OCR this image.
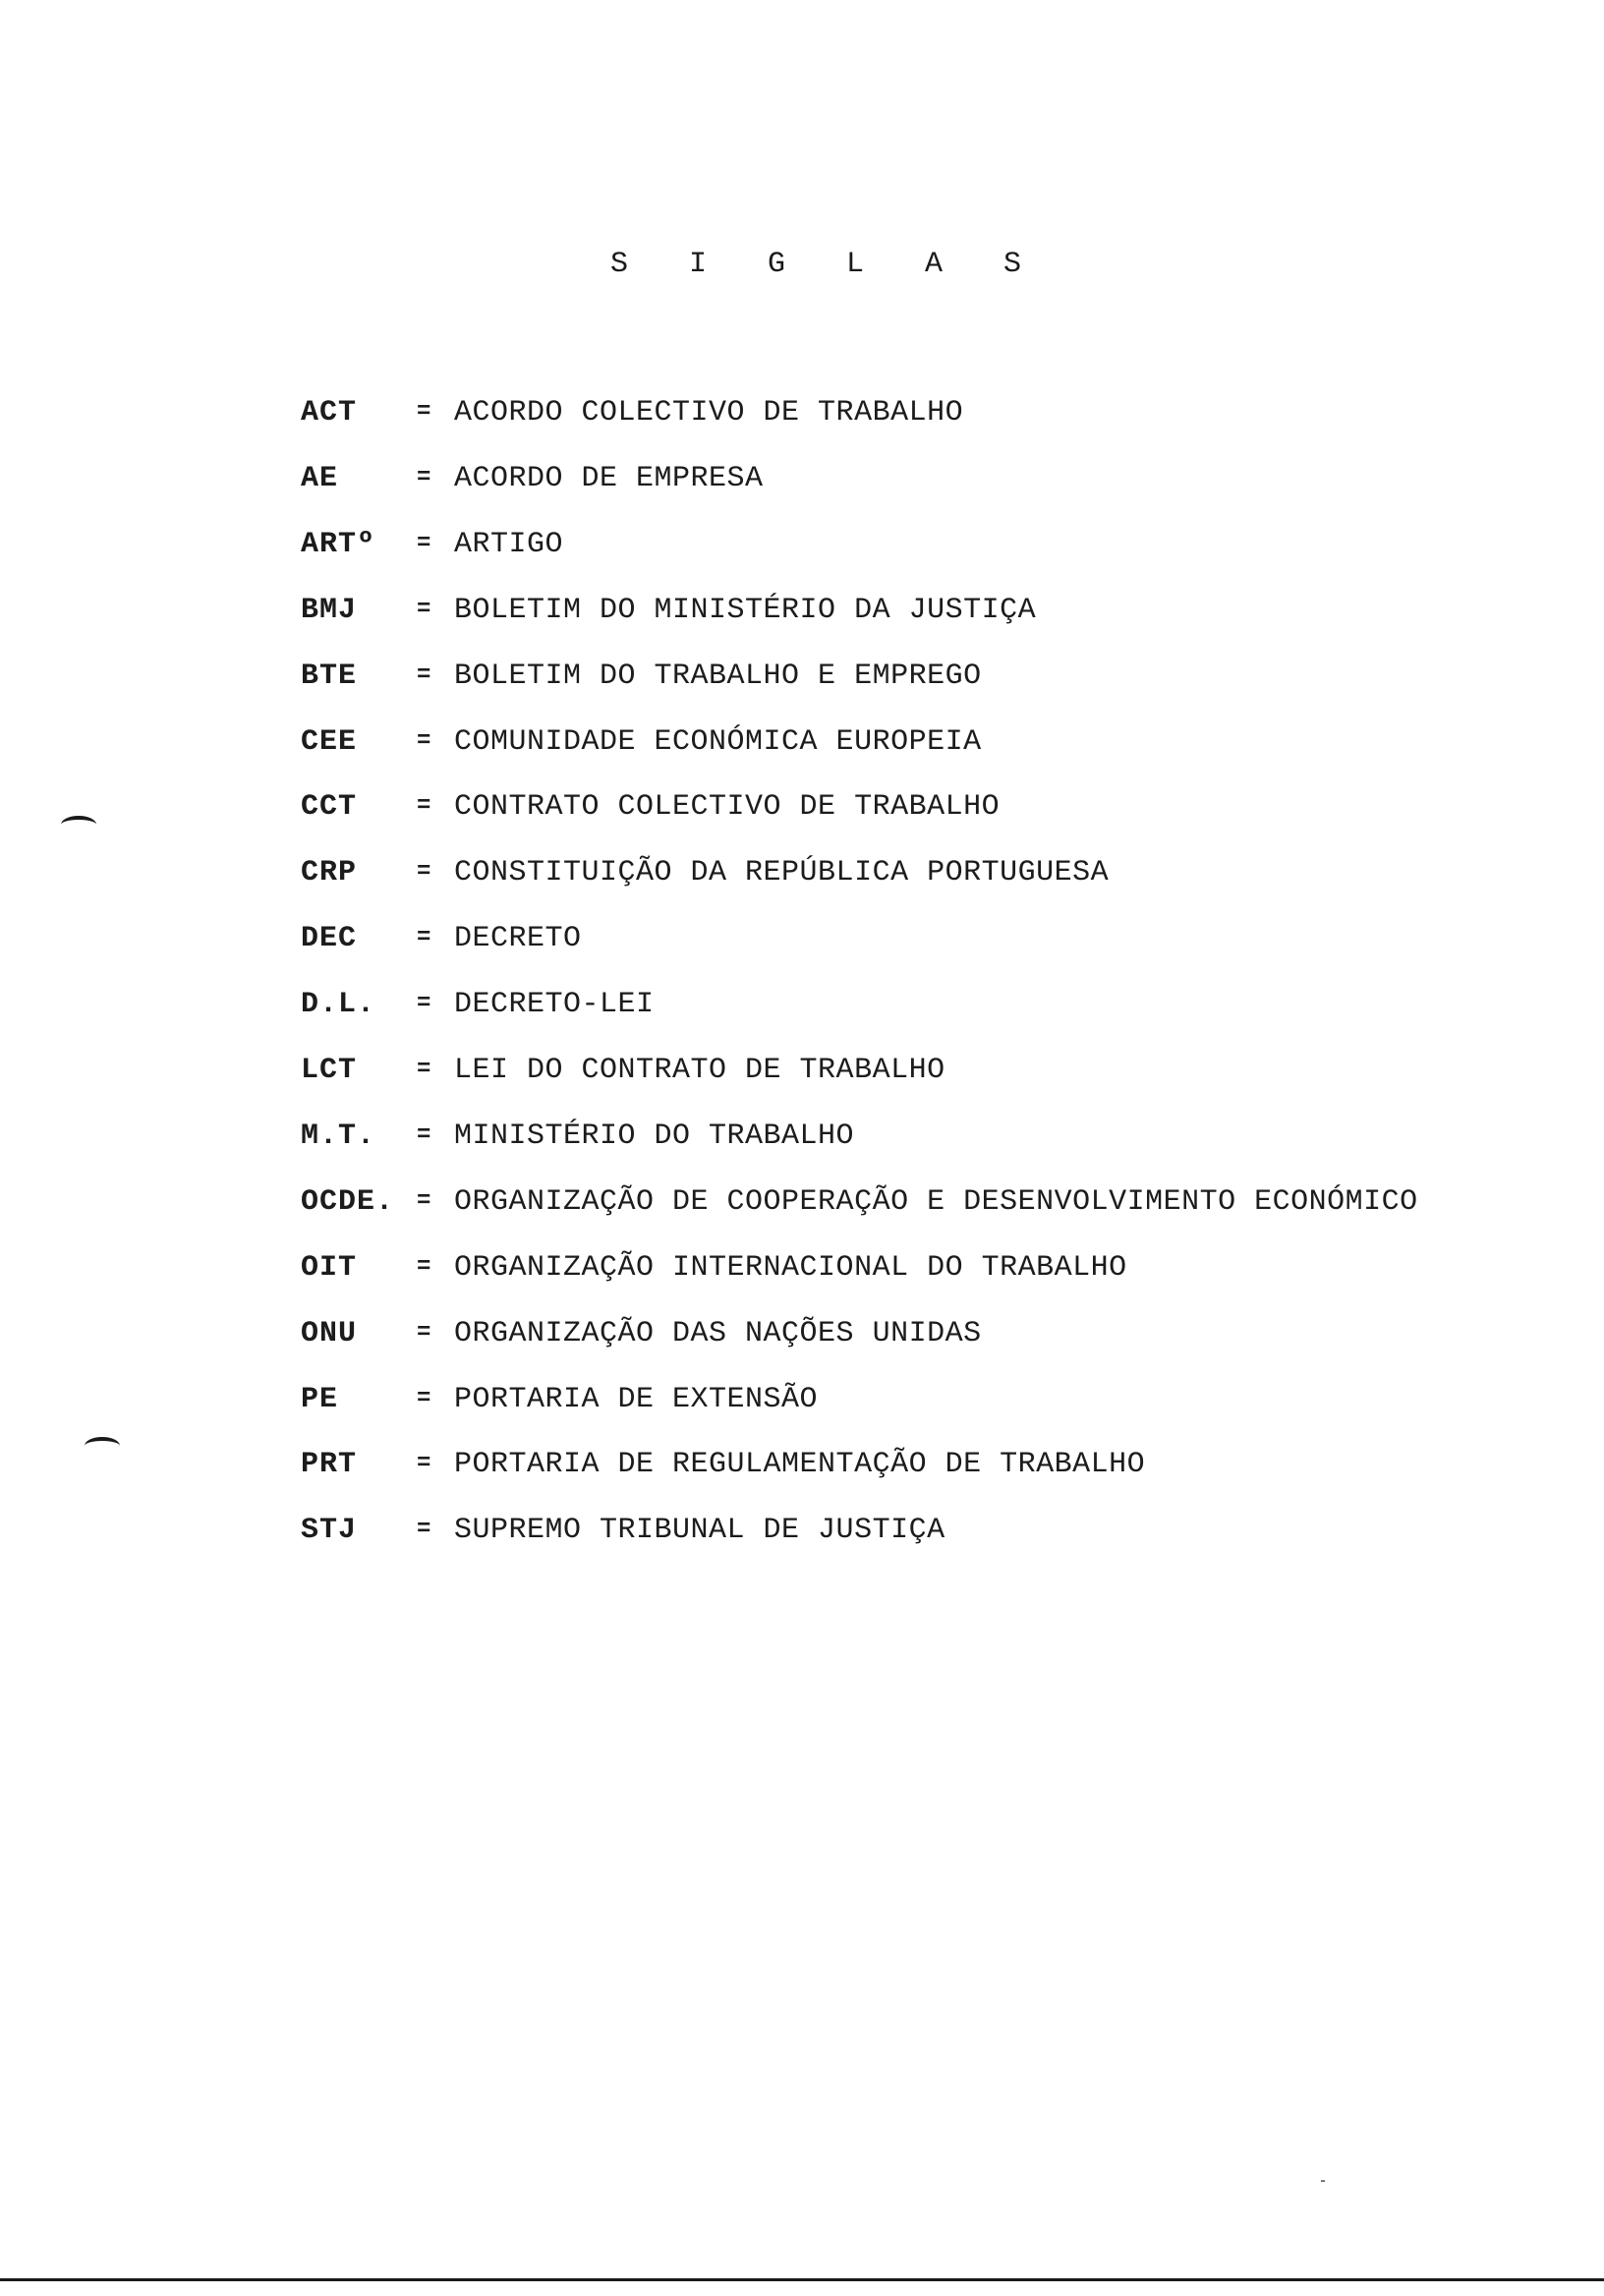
S I G L A S
ACT	= ACORDO COLECTIVO DE TRABALHO
AE	= ACORDO DE EMPRESA
ARTº = ARTIGO
BMJ	= BOLETIM DO MINISTÉRIO DA JUSTIÇA
BTE	= BOLETIM DO TRABALHO E EMPREGO
CEE	= COMUNIDADE ECONÓMICA EUROPEIA
CCT	= CONTRATO COLECTIVO DE TRABALHO
CRP	= CONSTITUIÇÃO DA REPÚBLICA PORTUGUESA
DEC	= DECRETO
D.L. = DECRETO-LEI
LCT	= LEI DO CONTRATO DE TRABALHO
M.T. = MINISTÉRIO DO TRABALHO
OCDE. = ORGANIZAÇÃO DE COOPERAÇÃO E DESENVOLVIMENTO ECONÓMICO
OIT	= ORGANIZAÇÃO INTERNACIONAL DO TRABALHO
ONU	= ORGANIZAÇÃO DAS NAÇÕES UNIDAS
PE	= PORTARIA DE EXTENSÃO
PRT	= PORTARIA DE REGULAMENTAÇÃO DE TRABALHO
STJ	= SUPREMO TRIBUNAL DE JUSTIÇA
